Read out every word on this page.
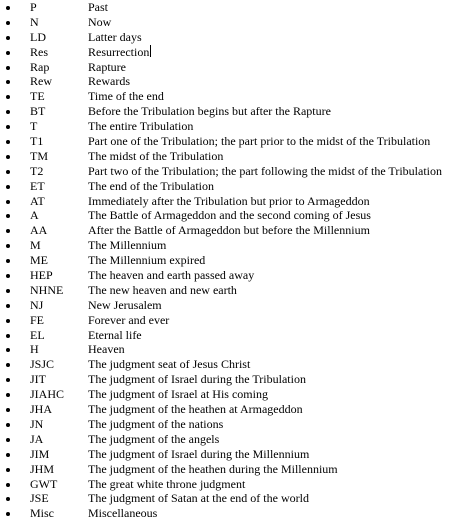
P	Past
N	Now
LD	Latter days
Res	Resurrection
Rap	Rapture
Rew	Rewards
TE	Time of the end
BT	Before the Tribulation begins but after the Rapture
T	The entire Tribulation
T1	Part one of the Tribulation; the part prior to the midst of the Tribulation
TM	The midst of the Tribulation
T2	Part two of the Tribulation; the part following the midst of the Tribulation
ET	The end of the Tribulation
AT	Immediately after the Tribulation but prior to Armageddon
A	The Battle of Armageddon and the second coming of Jesus
AA	After the Battle of Armageddon but before the Millennium
M	The Millennium
ME	The Millennium expired
HEP	The heaven and earth passed away
NHNE The new heaven and new earth
NJ	New Jerusalem
FE	Forever and ever
EL	Eternal life
H	Heaven
JSJC	The judgment seat of Jesus Christ
JIT	The judgment of Israel during the Tribulation
JIAHC The judgment of Israel at His coming
JHA	The judgment of the heathen at Armageddon
JN	The judgment of the nations
JA	The judgment of the angels
JIM	The judgment of Israel during the Millennium
JHM	The judgment of the heathen during the Millennium
GWT	The great white throne judgment
JSE	The judgment of Satan at the end of the world
Misc	Miscellaneous
